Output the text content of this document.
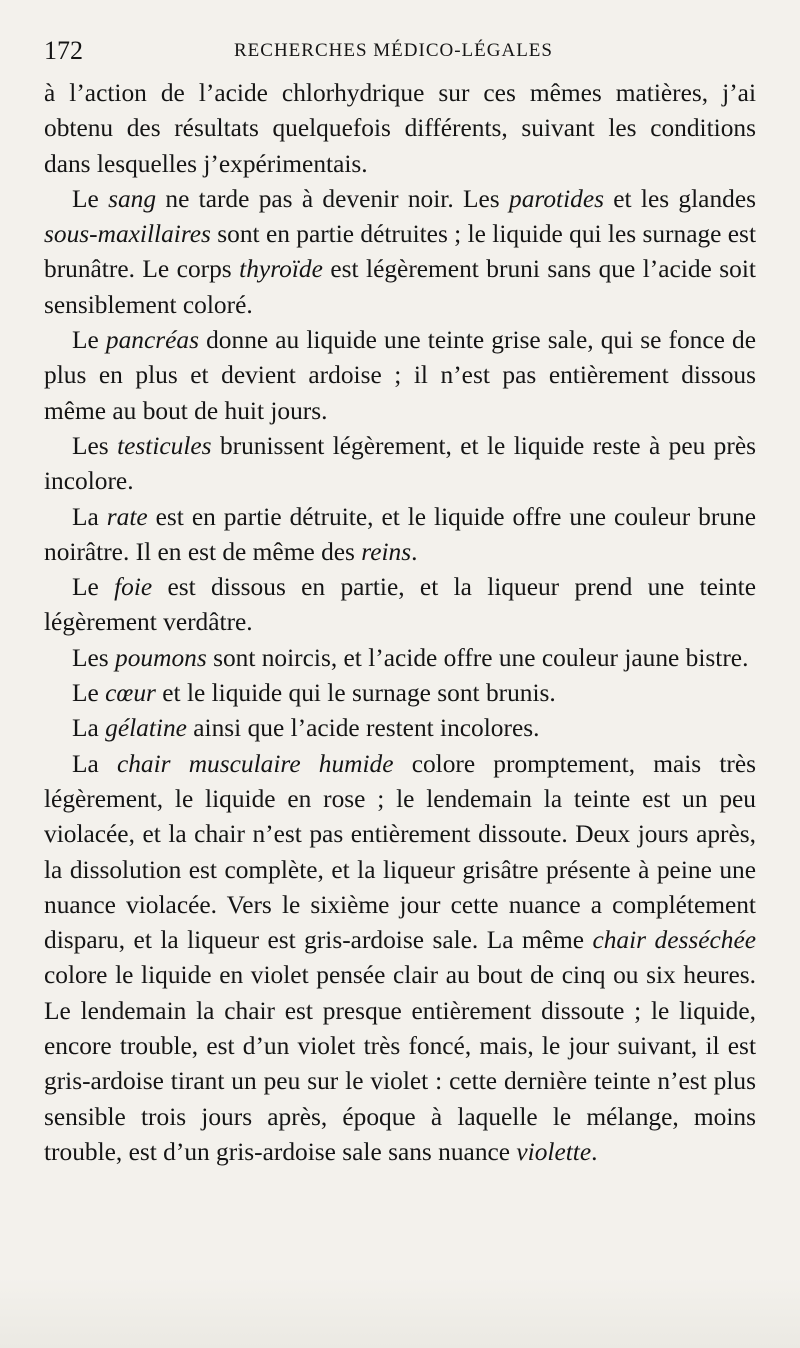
172	RECHERCHES MÉDICO-LÉGALES

à l’action de l’acide chlorhydrique sur ces mêmes matières, j’ai obtenu des résultats quelquefois différents, suivant les conditions dans lesquelles j’expérimentais.

Le sang ne tarde pas à devenir noir. Les parotides et les glandes sous-maxillaires sont en partie détruites ; le liquide qui les surnage est brunâtre. Le corps thyroïde est légèrement bruni sans que l’acide soit sensiblement coloré.

Le pancréas donne au liquide une teinte grise sale, qui se fonce de plus en plus et devient ardoise ; il n’est pas entièrement dissous même au bout de huit jours.

Les testicules brunissent légèrement, et le liquide reste à peu près incolore.

La rate est en partie détruite, et le liquide offre une couleur brune noirâtre. Il en est de même des reins.

Le foie est dissous en partie, et la liqueur prend une teinte légèrement verdâtre.

Les poumons sont noircis, et l’acide offre une couleur jaune bistre.

Le cœur et le liquide qui le surnage sont brunis.

La gélatine ainsi que l’acide restent incolores.

La chair musculaire humide colore promptement, mais très légèrement, le liquide en rose ; le lendemain la teinte est un peu violacée, et la chair n’est pas entièrement dissoute. Deux jours après, la dissolution est complète, et la liqueur grisâtre présente à peine une nuance violacée. Vers le sixième jour cette nuance a complétement disparu, et la liqueur est gris-ardoise sale. La même chair desséchée colore le liquide en violet pensée clair au bout de cinq ou six heures. Le lendemain la chair est presque entièrement dissoute ; le liquide, encore trouble, est d’un violet très foncé, mais, le jour suivant, il est gris-ardoise tirant un peu sur le violet : cette dernière teinte n’est plus sensible trois jours après, époque à laquelle le mélange, moins trouble, est d’un gris-ardoise sale sans nuance violette.
